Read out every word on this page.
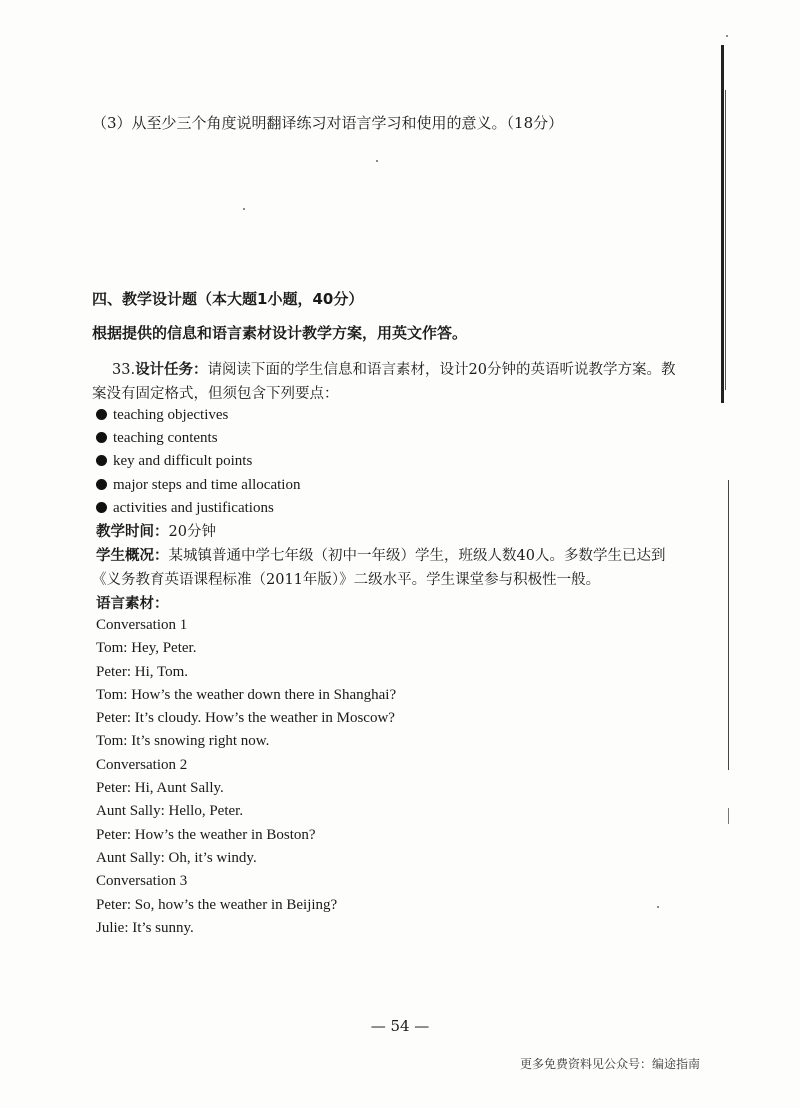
（3）从至少三个角度说明翻译练习对语言学习和使用的意义。（18分）
四、教学设计题（本大题1小题，40分）
根据提供的信息和语言素材设计教学方案，用英文作答。
33.设计任务：请阅读下面的学生信息和语言素材，设计20分钟的英语听说教学方案。教案没有固定格式，但须包含下列要点：
teaching objectives
teaching contents
key and difficult points
major steps and time allocation
activities and justifications
教学时间：20分钟
学生概况：某城镇普通中学七年级（初中一年级）学生，班级人数40人。多数学生已达到《义务教育英语课程标准（2011年版）》二级水平。学生课堂参与积极性一般。
语言素材：
Conversation 1
Tom: Hey, Peter.
Peter: Hi, Tom.
Tom: How’s the weather down there in Shanghai?
Peter: It’s cloudy. How’s the weather in Moscow?
Tom: It’s snowing right now.
Conversation 2
Peter: Hi, Aunt Sally.
Aunt Sally: Hello, Peter.
Peter: How’s the weather in Boston?
Aunt Sally: Oh, it’s windy.
Conversation 3
Peter: So, how’s the weather in Beijing?
Julie: It’s sunny.
— 54 —
更多免费资料见公众号：编途指南
